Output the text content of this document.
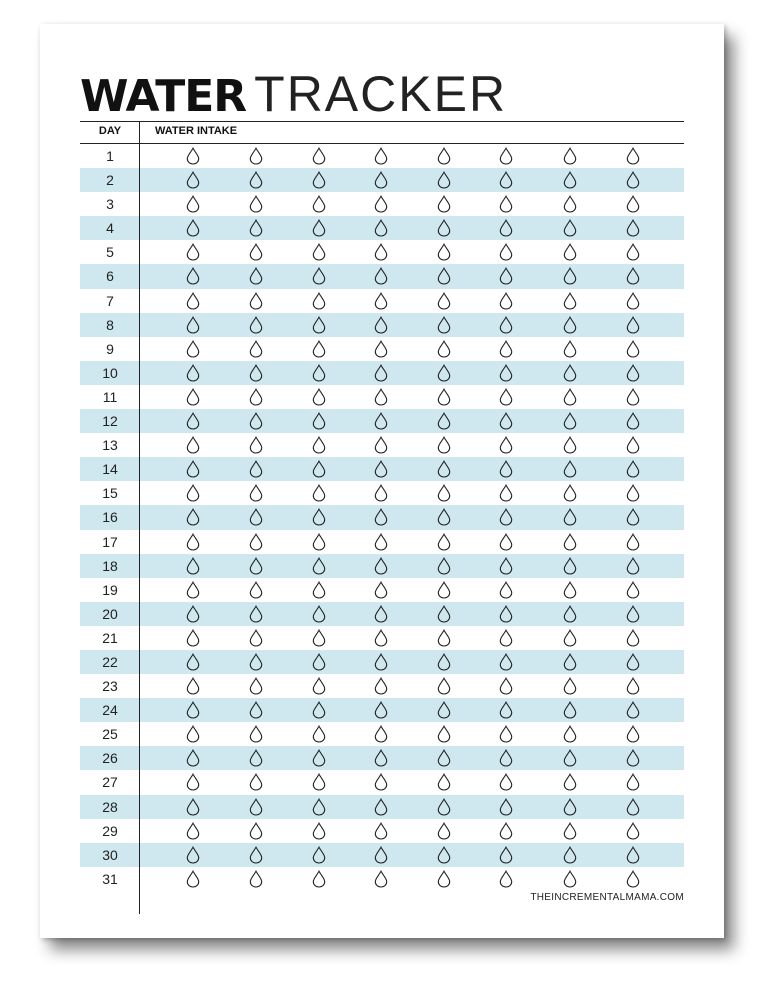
WATER TRACKER
DAY	WATER INTAKE
1
2
3
4
5
6
7
8
9
10
11
12
13
14
15
16
17
18
19
20
21
22
23
24
25
26
27
28
29
30
31
THEINCREMENTALMAMA.COM
